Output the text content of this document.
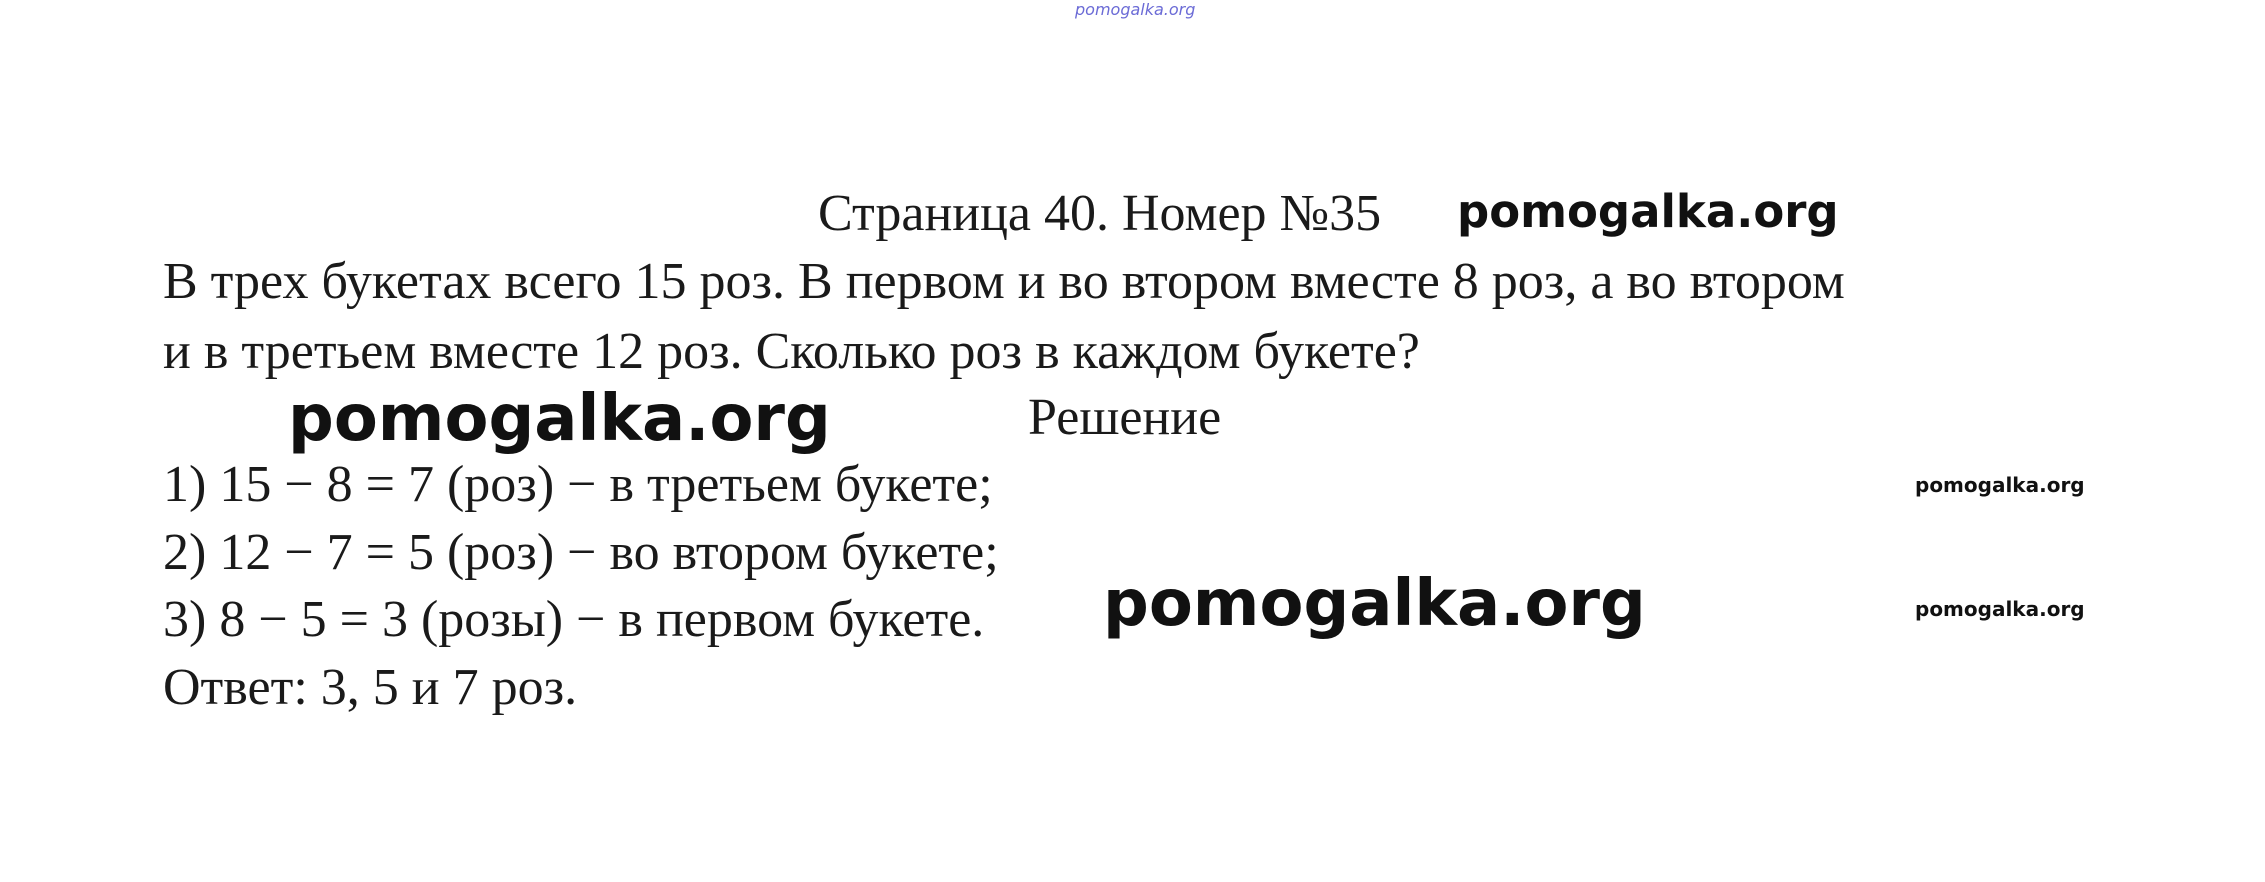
pomogalka.org
Страница 40. Номер №35 pomogalka.org
В трех букетах всего 15 роз. В первом и во втором вместе 8 роз, а во втором
и в третьем вместе 12 роз. Сколько роз в каждом букете?
pomogalka.org	Решение
1) 15 − 8 = 7 (роз) − в третьем букете;	pomogalka.org
2) 12 − 7 = 5 (роз) − во втором букете;
3) 8 − 5 = 3 (розы) − в первом букете. pomogalka.org	pomogalka.org
Ответ: 3, 5 и 7 роз.
